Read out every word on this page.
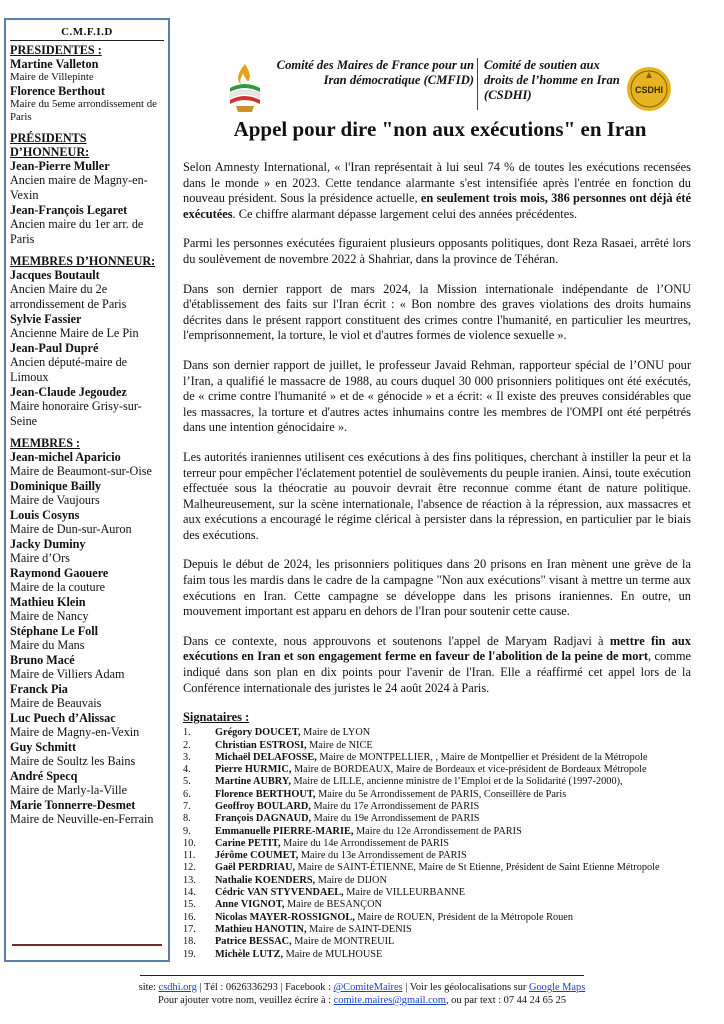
C.M.F.I.D
PRESIDENTES :
Martine Valleton
Maire de Villepinte
Florence Berthout
Maire du 5eme arrondissement de Paris
PRÉSIDENTS D’HONNEUR:
Jean-Pierre Muller
Ancien maire de Magny-en-Vexin
Jean-François Legaret
Ancien maire du 1er arr. de Paris
MEMBRES D’HONNEUR:
Jacques Boutault
Ancien Maire du 2e arrondissement de Paris
Sylvie Fassier
Ancienne Maire de Le Pin
Jean-Paul Dupré
Ancien député-maire de Limoux
Jean-Claude Jegoudez
Maire honoraire Grisy-sur-Seine
MEMBRES :
Jean-michel Aparicio
Maire de Beaumont-sur-Oise
Dominique Bailly
Maire de Vaujours
Louis Cosyns
Maire de Dun-sur-Auron
Jacky Duminy
Maire d’Ors
Raymond Gaouere
Maire de la couture
Mathieu Klein
Maire de Nancy
Stéphane Le Foll
Maire du Mans
Bruno Macé
Maire de Villiers Adam
Franck Pia
Maire de Beauvais
Luc Puech d’Alissac
Maire de Magny-en-Vexin
Guy Schmitt
Maire de Soultz les Bains
André Specq
Maire de Marly-la-Ville
Marie Tonnerre-Desmet
Maire de Neuville-en-Ferrain
Comité des Maires de France pour un Iran démocratique (CMFID)
Comité de soutien aux droits de l’homme en Iran (CSDHI)	CSDHI
Appel pour dire "non aux exécutions" en Iran

Selon Amnesty International, « l'Iran représentait à lui seul 74 % de toutes les exécutions recensées dans le monde » en 2023. Cette tendance alarmante s'est intensifiée après l'entrée en fonction du nouveau président. Sous la présidence actuelle, en seulement trois mois, 386 personnes ont déjà été exécutées. Ce chiffre alarmant dépasse largement celui des années précédentes.

Parmi les personnes exécutées figuraient plusieurs opposants politiques, dont Reza Rasaei, arrêté lors du soulèvement de novembre 2022 à Shahriar, dans la province de Téhéran.

Dans son dernier rapport de mars 2024, la Mission internationale indépendante de l’ONU d'établissement des faits sur l'Iran écrit : « Bon nombre des graves violations des droits humains décrites dans le présent rapport constituent des crimes contre l'humanité, en particulier les meurtres, l'emprisonnement, la torture, le viol et d'autres formes de violence sexuelle ».

Dans son dernier rapport de juillet, le professeur Javaid Rehman, rapporteur spécial de l’ONU pour l’Iran, a qualifié le massacre de 1988, au cours duquel 30 000 prisonniers politiques ont été exécutés, de « crime contre l'humanité » et de « génocide » et a écrit: « Il existe des preuves considérables que les massacres, la torture et d'autres actes inhumains contre les membres de l'OMPI ont été perpétrés dans une intention génocidaire ».

Les autorités iraniennes utilisent ces exécutions à des fins politiques, cherchant à instiller la peur et la terreur pour empêcher l'éclatement potentiel de soulèvements du peuple iranien. Ainsi, toute exécution effectuée sous la théocratie au pouvoir devrait être reconnue comme étant de nature politique. Malheureusement, sur la scène internationale, l'absence de réaction à la répression, aux massacres et aux exécutions a encouragé le régime clérical à persister dans la répression, en particulier par le biais des exécutions.

Depuis le début de 2024, les prisonniers politiques dans 20 prisons en Iran mènent une grève de la faim tous les mardis dans le cadre de la campagne "Non aux exécutions" visant à mettre un terme aux exécutions en Iran. Cette campagne se développe dans les prisons iraniennes. En outre, un mouvement important est apparu en dehors de l'Iran pour soutenir cette cause.

Dans ce contexte, nous approuvons et soutenons l'appel de Maryam Radjavi à mettre fin aux exécutions en Iran et son engagement ferme en faveur de l'abolition de la peine de mort, comme indiqué dans son plan en dix points pour l'avenir de l'Iran. Elle a réaffirmé cet appel lors de la Conférence internationale des juristes le 24 août 2024 à Paris.

Signataires :
1.	Grégory DOUCET, Maire de LYON
2.	Christian ESTROSI, Maire de NICE
3.	Michaël DELAFOSSE, Maire de MONTPELLIER, , Maire de Montpellier et Président de la Métropole
4.	Pierre HURMIC, Maire de BORDEAUX, Maire de Bordeaux et vice-président de Bordeaux Métropole
5.	Martine AUBRY, Maire de LILLE, ancienne ministre de l’Emploi et de la Solidarité (1997-2000),
6.	Florence BERTHOUT, Maire du 5e Arrondissement de PARIS, Conseillère de Paris
7.	Geoffroy BOULARD, Maire du 17e Arrondissement de PARIS
8.	François DAGNAUD, Maire du 19e Arrondissement de PARIS
9.	Emmanuelle PIERRE-MARIE, Maire du 12e Arrondissement de PARIS
10.	Carine PETIT, Maire du 14e Arrondissement de PARIS
11.	Jérôme COUMET, Maire du 13e Arrondissement de PARIS
12.	Gaël PERDRIAU, Maire de SAINT-ÉTIENNE, Maire de St Etienne, Président de Saint Etienne Métropole
13.	Nathalie KOENDERS, Maire de DIJON
14.	Cédric VAN STYVENDAEL, Maire de VILLEURBANNE
15.	Anne VIGNOT, Maire de BESANÇON
16.	Nicolas MAYER-ROSSIGNOL, Maire de ROUEN, Président de la Métropole Rouen
17.	Mathieu HANOTIN, Maire de SAINT-DENIS
18.	Patrice BESSAC, Maire de MONTREUIL
19.	Michèle LUTZ, Maire de MULHOUSE
site: csdhi.org | Tél : 0626336293 | Facebook : @ComiteMaires | Voir les géolocalisations sur Google Maps
Pour ajouter votre nom, veuillez écrire à : comite.maires@gmail.com, ou par text : 07 44 24 65 25
